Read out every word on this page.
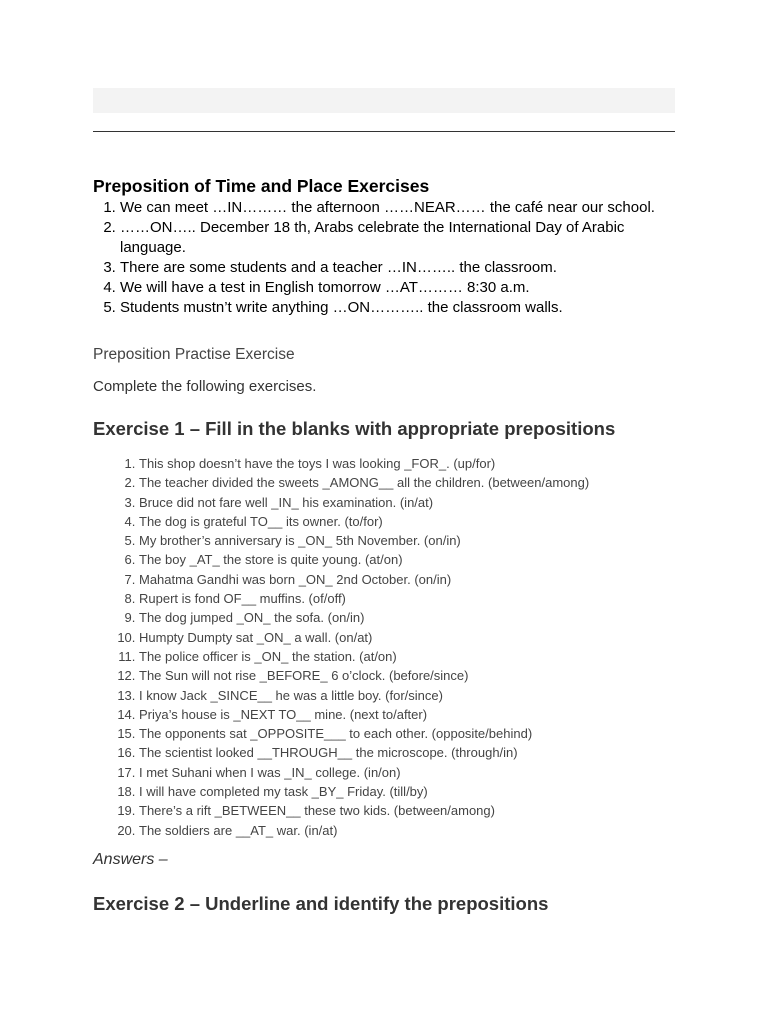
Preposition of Time and Place Exercises
1. We can meet …IN……… the afternoon ……NEAR…… the café near our school.
2. ……ON….. December 18 th, Arabs celebrate the International Day of Arabic language.
3. There are some students and a teacher …IN…….. the classroom.
4. We will have a test in English tomorrow …AT……… 8:30 a.m.
5. Students mustn’t write anything …ON……….. the classroom walls.

Preposition Practise Exercise

Complete the following exercises.

Exercise 1 – Fill in the blanks with appropriate prepositions
1. This shop doesn’t have the toys I was looking _FOR_. (up/for)
2. The teacher divided the sweets _AMONG__ all the children. (between/among)
3. Bruce did not fare well _IN_ his examination. (in/at)
4. The dog is grateful TO__ its owner. (to/for)
5. My brother’s anniversary is _ON_ 5th November. (on/in)
6. The boy _AT_ the store is quite young. (at/on)
7. Mahatma Gandhi was born _ON_ 2nd October. (on/in)
8. Rupert is fond OF__ muffins. (of/off)
9. The dog jumped _ON_ the sofa. (on/in)
10. Humpty Dumpty sat _ON_ a wall. (on/at)
11. The police officer is _ON_ the station. (at/on)
12. The Sun will not rise _BEFORE_ 6 o’clock. (before/since)
13. I know Jack _SINCE__ he was a little boy. (for/since)
14. Priya’s house is _NEXT TO__ mine. (next to/after)
15. The opponents sat _OPPOSITE___ to each other. (opposite/behind)
16. The scientist looked __THROUGH__ the microscope. (through/in)
17. I met Suhani when I was _IN_ college. (in/on)
18. I will have completed my task _BY_ Friday. (till/by)
19. There’s a rift _BETWEEN__ these two kids. (between/among)
20. The soldiers are __AT_ war. (in/at)

Answers –

Exercise 2 – Underline and identify the prepositions
